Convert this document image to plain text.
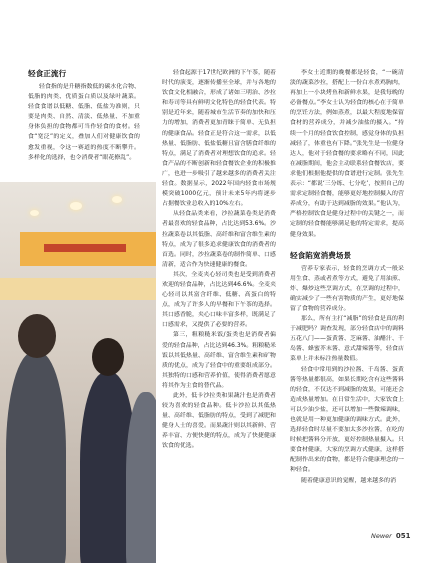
轻食正流行

轻食指的是升糖指数低的碳水化合物、低脂的肉类、优质蛋白质以及绿叶蔬菜。轻食食谱以低糖、低脂、低盐为准则，只要是肉类、自然、清淡、低热量、不加重身体负担的食物都可当作轻食的食材。轻食“宽泛”的定义，叠加人们对健康饮食的愈发重视，令这一赛道的热度不断攀升。多样化的选择，也令消费者“眼花撩乱”。

轻食起源于17世纪欧洲的下午茶，随着时代的演变，逐渐传播至全球，并与各地的饮食文化相融合，形成了诸如三明治、沙拉和寿司等具有鲜明文化特色的轻食代表。特别是近年来，随着城市生活节奏的加快和压力的增加，消费者更加青睐于简单、无负担的健康食品。轻食正是符合这一需求，以低热量、低脂肪、低盐低糖且富含膳食纤维的特点，满足了消费者对理想饮食的追求。轻食产品的不断创新和轻食餐饮企业的积极推广，也进一步吸引了越来越多的消费者关注轻食。数据显示，2022年国内轻食市场规模突破1000亿元，预计未来5年内将逐步占据餐饮业总收入的10%左右。

从轻食品类来看，沙拉蔬菜卷类是消费者最喜欢的轻食品种，占比达到53.6%。沙拉蔬菜卷以其低脂、高纤维和富含维生素的特点，成为了很多追求健康饮食的消费者的首选。同时，沙拉蔬菜卷的制作简单、口感清新，适合作为快速健康的餐食。

其次，全麦夹心轻司类也是受到消费者欢迎的轻食品种，占比达到46.6%。全麦夹心轻司以其富含纤维、低糖、高蛋白的特点，成为了许多人的早餐和下午茶的选择。其口感香脆，夹心口味丰富多样，既满足了口感需求，又提供了必要的营养。

第三，粗粮糙米饭/蛋类也是消费者偏爱的轻食品种，占比达到46.3%。粗粮糙米饭以其低热量、高纤维、富含维生素和矿物质的优点，成为了轻食中的重要组成部分。其独特的口感和营养价值，使得消费者愿意将其作为主食的替代品。

此外，低卡沙拉类和果蔬汁也是消费者较为喜欢的轻食品种。低卡沙拉以其低热量、高纤维、低脂肪的特点，受到了减肥和健身人士的喜爱。而果蔬汁则以其新鲜、营养丰富、方便快捷的特点，成为了快捷健康饮食的优选。

李女士近期的晚餐都是轻食，“一碗清淡的蔬菜沙拉，搭配上一份白水煮鸡胸肉，再加上一小块烤鱼和新鲜水果，是我每晚的必备餐点。”李女士认为轻食的核心在于简单的烹饪方法，例如蒸煮，以最大程度地保留食材的营养成分，并减少油盐的摄入。“持续一个月的轻食饮食控制，感觉身体的负担减轻了，体重也有下降。”张先生是一位健身达人，他对于轻食餐的要求略有不同，因此在减脂期间，他会主动联系轻食餐饮店，要求他们根据他提供的食谱进行定制。张先生表示：“都说‘三分练、七分吃’，按照自己的需求定制轻食餐，能够更好地控制摄入的营养成分，有助于达到减脂的效果。”他认为，严格控制饮食是健身过程中的关键之一，而定制的轻食餐能够满足他的特定需求，提高健身效果。

轻食陷宽消费场景

营养专家表示，轻食的烹调方式一般采用生食、蒸或者煮等方式，避免了用油煎、炸、爆炒这些烹调方式，在烹调的过程中，确实减少了一些有害物质的产生，更好地保留了食物的营养成分。

那么，所有主打“减脂”的轻食是真的利于减肥吗？调查发现，部分轻食店中的调料五花八门——蛋黄酱、芝麻酱、油醋汁、千岛酱、蜂蜜芥末酱、意式甜辣酱等，轻食店菜单上并未标注热量数值。

轻食中常用到的沙拉酱、千岛酱、蛋黄酱等热量都很高，如果长期吃含有这些酱料的轻食，不仅达不到减脂的效果，可能还会造成热量增加。在日常生活中，大家饮食上可以少油少盐，还可以增加一些微辣调味，也就是用一种更加健康的调味方式。此外，选择轻食时尽量不要加太多沙拉酱，在吃的时候把酱料分开放，更好控制热量摄入。只要食材健康，大家的烹调方式健康，这样搭配制作出来的食物，都是符合健康理念的一种轻食。

随着健康意识的觉醒，越来越多的消

Newer 051
